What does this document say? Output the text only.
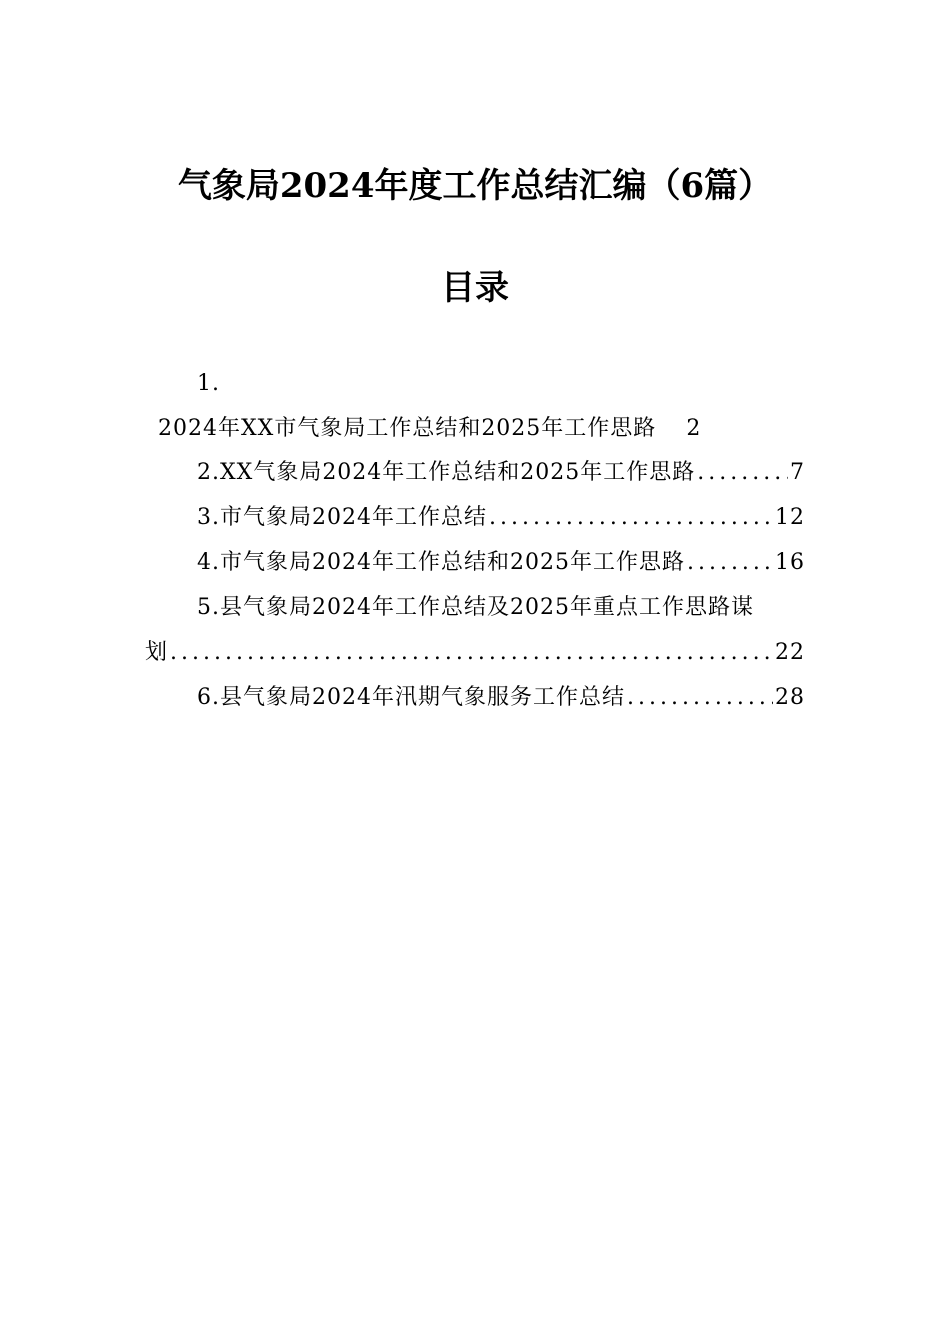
气象局2024年度工作总结汇编（6篇）
目录
1.
2024年XX市气象局工作总结和2025年工作思路 2
2.XX气象局2024年工作总结和2025年工作思路 .....	7
3.市气象局2024年工作总结 .....	12
4.市气象局2024年工作总结和2025年工作思路 .....	16
5.县气象局2024年工作总结及2025年重点工作思路谋
划 .....	22
6.县气象局2024年汛期气象服务工作总结 .....	28
